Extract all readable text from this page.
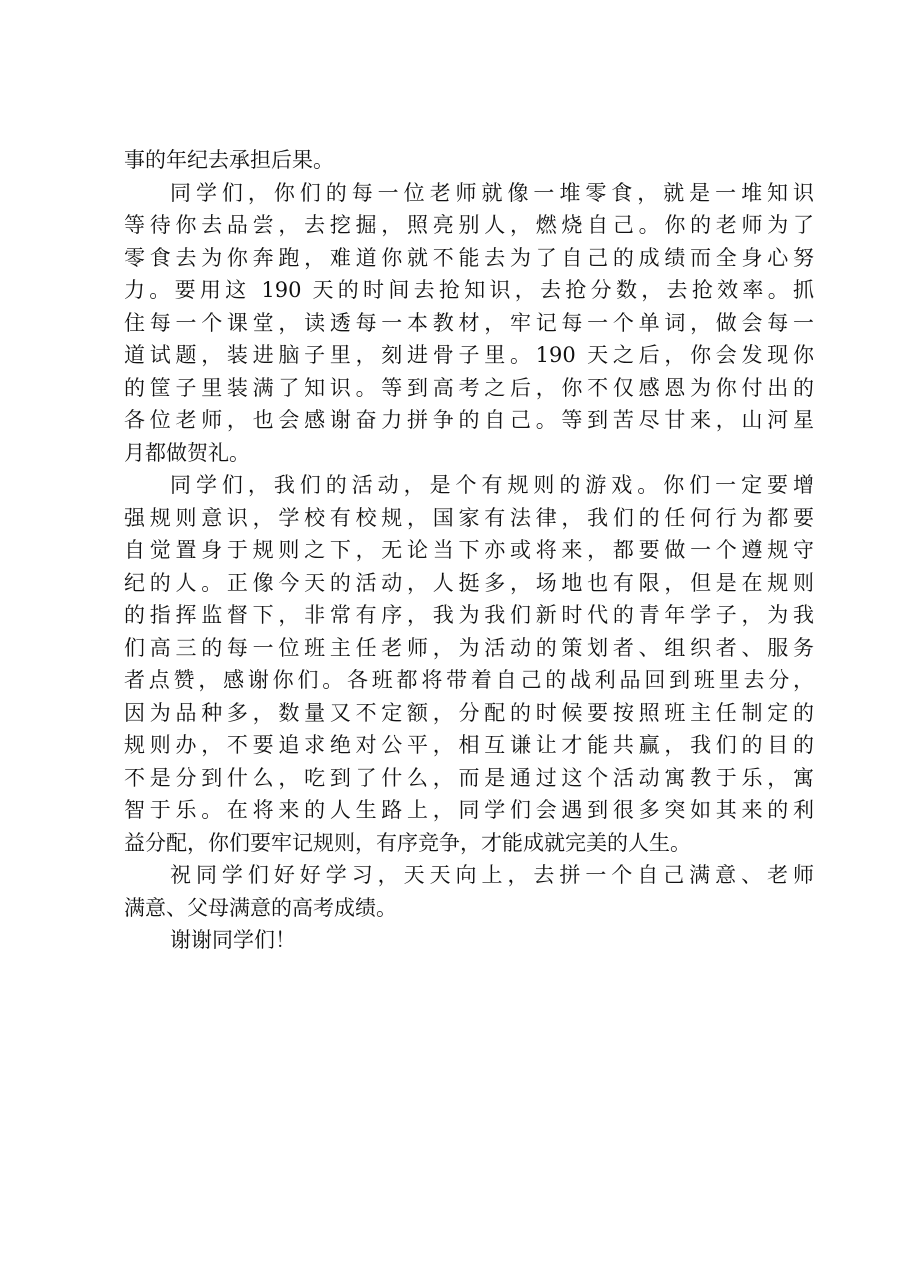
事的年纪去承担后果。
同学们，你们的每一位老师就像一堆零食，就是一堆知识
等待你去品尝，去挖掘，照亮别人，燃烧自己。你的老师为了
零食去为你奔跑，难道你就不能去为了自己的成绩而全身心努
力。要用这 190 天的时间去抢知识，去抢分数，去抢效率。抓
住每一个课堂，读透每一本教材，牢记每一个单词，做会每一
道试题，装进脑子里，刻进骨子里。190 天之后，你会发现你
的筐子里装满了知识。等到高考之后，你不仅感恩为你付出的
各位老师，也会感谢奋力拼争的自己。等到苦尽甘来，山河星
月都做贺礼。
同学们，我们的活动，是个有规则的游戏。你们一定要增
强规则意识，学校有校规，国家有法律，我们的任何行为都要
自觉置身于规则之下，无论当下亦或将来，都要做一个遵规守
纪的人。正像今天的活动，人挺多，场地也有限，但是在规则
的指挥监督下，非常有序，我为我们新时代的青年学子，为我
们高三的每一位班主任老师，为活动的策划者、组织者、服务
者点赞，感谢你们。各班都将带着自己的战利品回到班里去分，
因为品种多，数量又不定额，分配的时候要按照班主任制定的
规则办，不要追求绝对公平，相互谦让才能共赢，我们的目的
不是分到什么，吃到了什么，而是通过这个活动寓教于乐，寓
智于乐。在将来的人生路上，同学们会遇到很多突如其来的利
益分配，你们要牢记规则，有序竞争，才能成就完美的人生。
祝同学们好好学习，天天向上，去拼一个自己满意、老师
满意、父母满意的高考成绩。
谢谢同学们！
